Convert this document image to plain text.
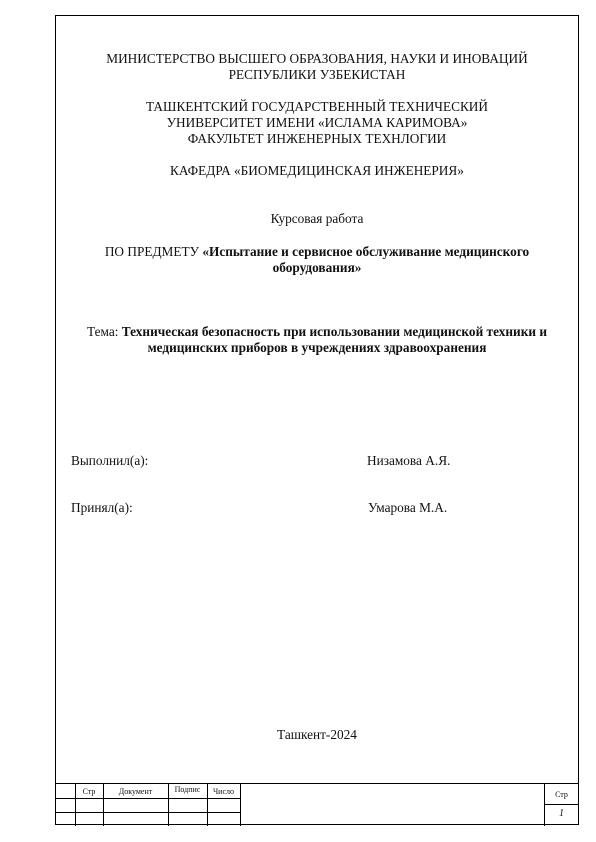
МИНИСТЕРСТВО ВЫСШЕГО ОБРАЗОВАНИЯ, НАУКИ И ИНОВАЦИЙ
РЕСПУБЛИКИ УЗБЕКИСТАН
ТАШКЕНТСКИЙ ГОСУДАРСТВЕННЫЙ ТЕХНИЧЕСКИЙ
УНИВЕРСИТЕТ ИМЕНИ «ИСЛАМА КАРИМОВА»
ФАКУЛЬТЕТ ИНЖЕНЕРНЫХ ТЕХНЛОГИИ
КАФЕДРА «БИОМЕДИЦИНСКАЯ ИНЖЕНЕРИЯ»
Курсовая работа
ПО ПРЕДМЕТУ «Испытание и сервисное обслуживание медицинского
оборудования»
Тема: Техническая безопасность при использовании медицинской техники и
медицинских приборов в учреждениях здравоохранения
Выполнил(а):	Низамова А.Я.
Принял(а):	Умарова М.А.
Ташкент-2024
Стр	Документ	Подпис	Число	Стр
1
